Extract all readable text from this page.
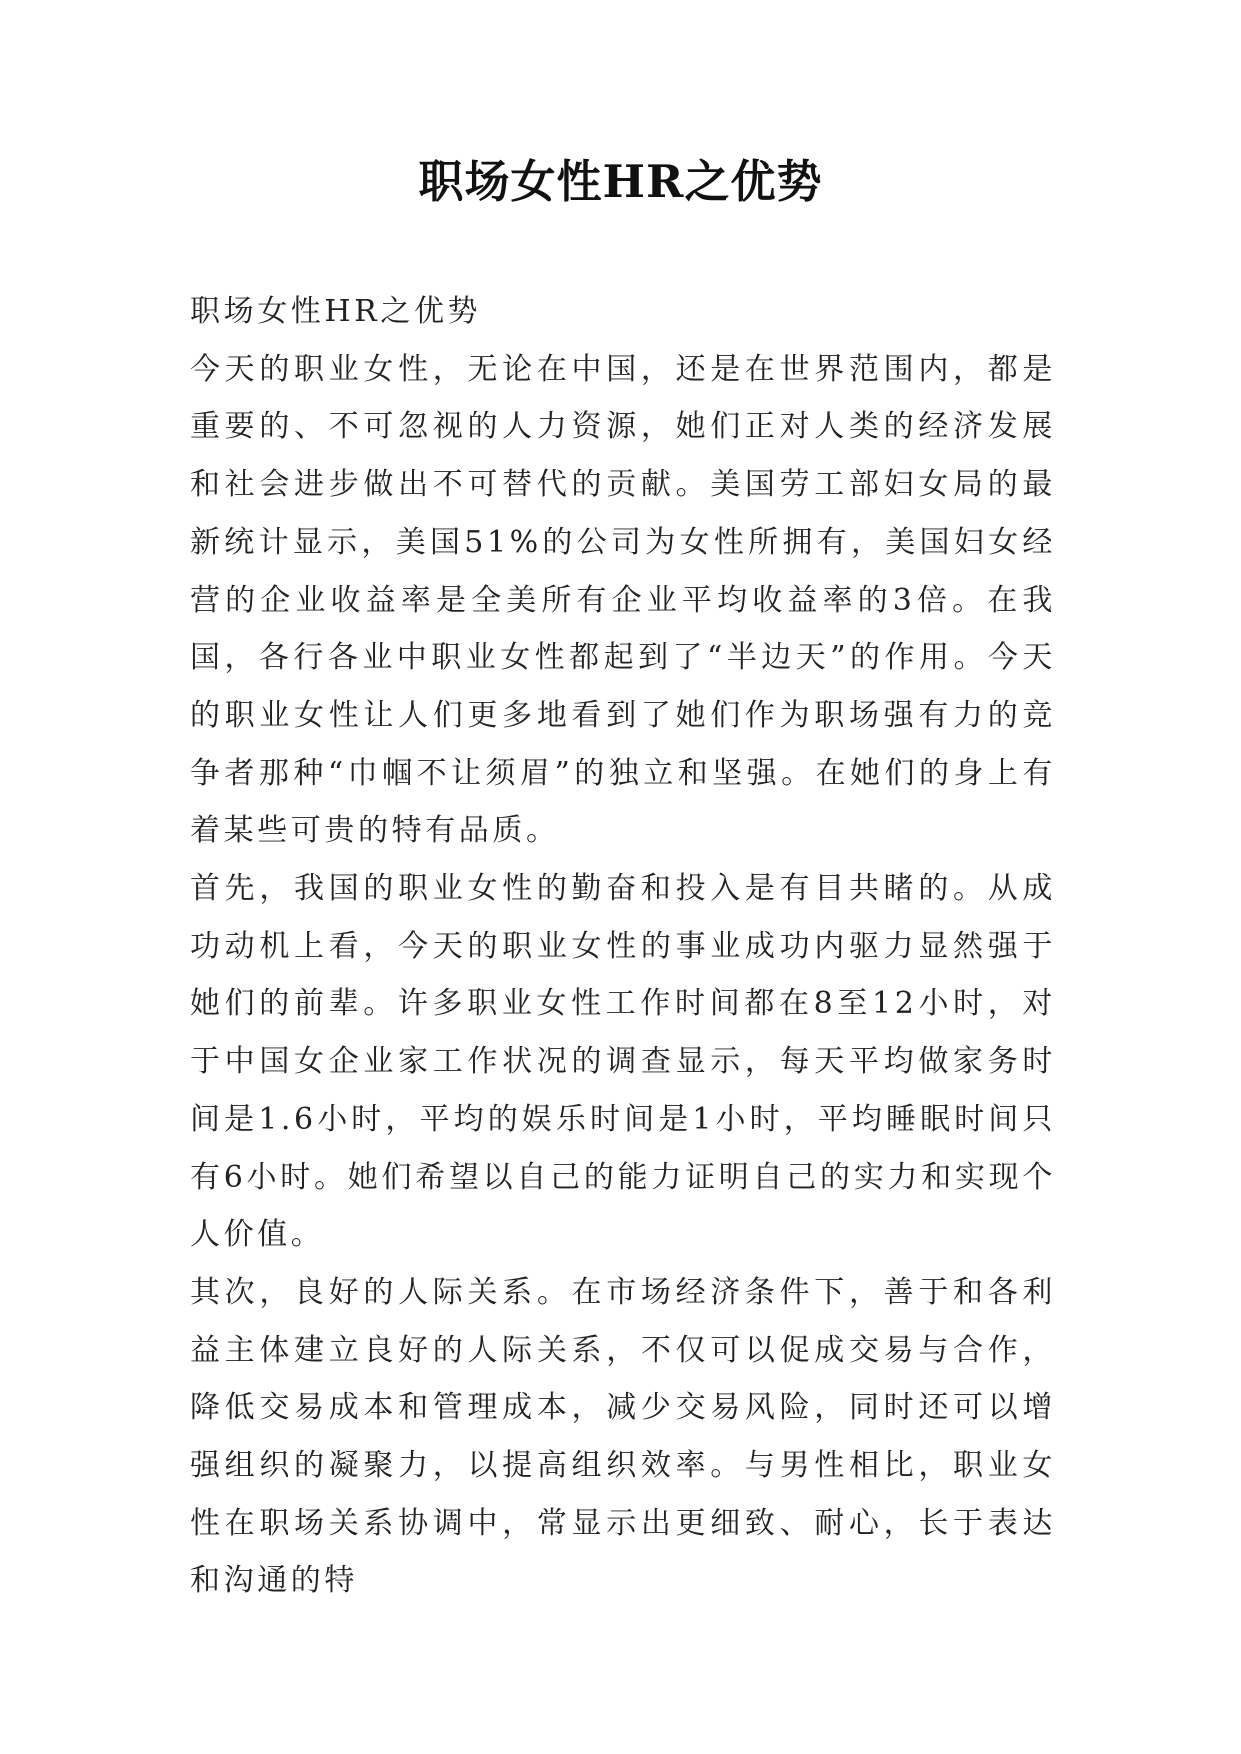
职场女性HR之优势

职场女性HR之优势

今天的职业女性，无论在中国，还是在世界范围内，都是重要的、不可忽视的人力资源，她们正对人类的经济发展和社会进步做出不可替代的贡献。美国劳工部妇女局的最新统计显示，美国51%的公司为女性所拥有，美国妇女经营的企业收益率是全美所有企业平均收益率的3倍。在我国，各行各业中职业女性都起到了“半边天”的作用。今天的职业女性让人们更多地看到了她们作为职场强有力的竞争者那种“巾帼不让须眉”的独立和坚强。在她们的身上有着某些可贵的特有品质。

首先，我国的职业女性的勤奋和投入是有目共睹的。从成功动机上看，今天的职业女性的事业成功内驱力显然强于她们的前辈。许多职业女性工作时间都在8至12小时，对于中国女企业家工作状况的调查显示，每天平均做家务时间是1.6小时，平均的娱乐时间是1小时，平均睡眠时间只有6小时。她们希望以自己的能力证明自己的实力和实现个人价值。

其次，良好的人际关系。在市场经济条件下，善于和各利益主体建立良好的人际关系，不仅可以促成交易与合作，降低交易成本和管理成本，减少交易风险，同时还可以增强组织的凝聚力，以提高组织效率。与男性相比，职业女性在职场关系协调中，常显示出更细致、耐心，长于表达和沟通的特
